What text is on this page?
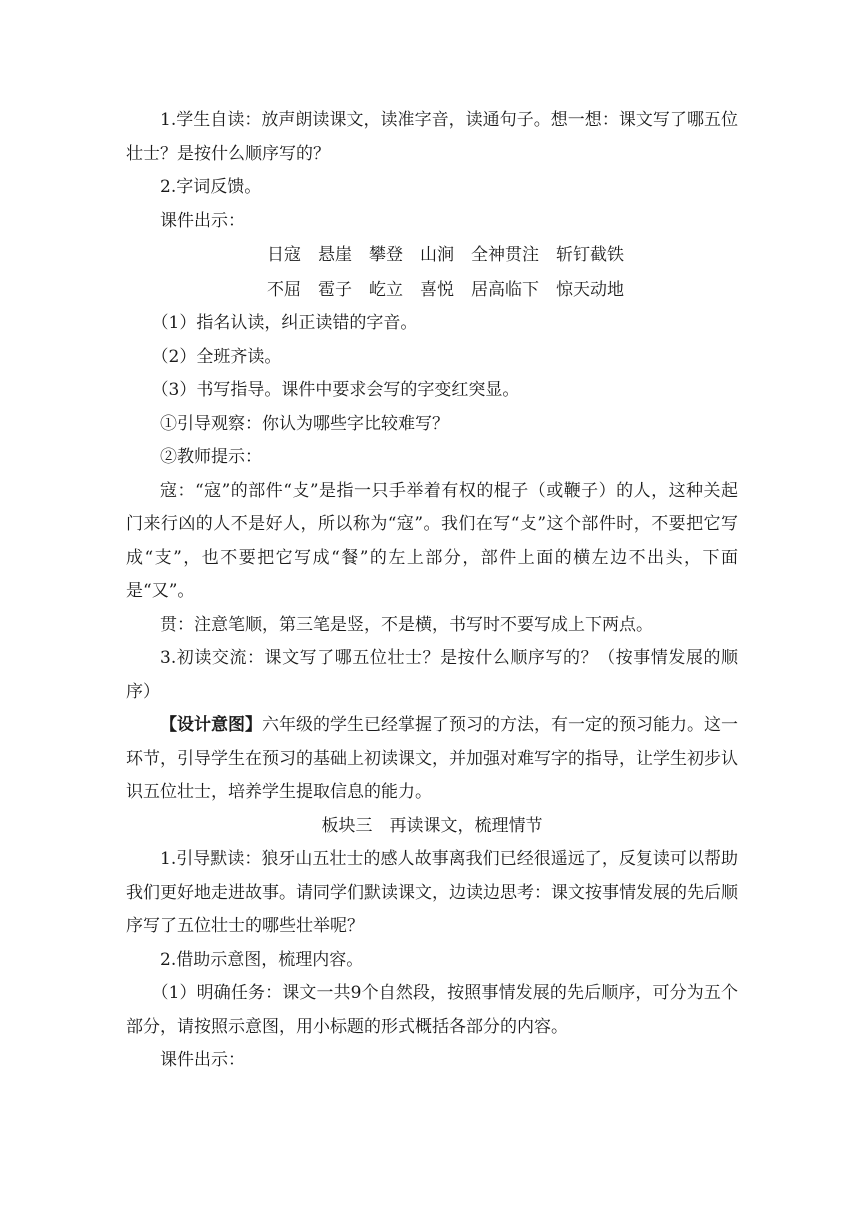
1.学生自读：放声朗读课文，读准字音，读通句子。想一想：课文写了哪五位壮士？是按什么顺序写的？

2.字词反馈。

课件出示：

日寇 悬崖 攀登 山涧 全神贯注 斩钉截铁
不屈 雹子 屹立 喜悦 居高临下 惊天动地

（1）指名认读，纠正读错的字音。

（2）全班齐读。

（3）书写指导。课件中要求会写的字变红突显。

①引导观察：你认为哪些字比较难写？

②教师提示：

寇：“寇”的部件“攴”是指一只手举着有权的棍子（或鞭子）的人，这种关起门来行凶的人不是好人，所以称为“寇”。我们在写“攴”这个部件时，不要把它写成“支”，也不要把它写成“餐”的左上部分，部件上面的横左边不出头，下面是“又”。

贯：注意笔顺，第三笔是竖，不是横，书写时不要写成上下两点。

3.初读交流：课文写了哪五位壮士？是按什么顺序写的？（按事情发展的顺序）

【设计意图】六年级的学生已经掌握了预习的方法，有一定的预习能力。这一环节，引导学生在预习的基础上初读课文，并加强对难写字的指导，让学生初步认识五位壮士，培养学生提取信息的能力。

板块三　再读课文，梳理情节

1.引导默读：狼牙山五壮士的感人故事离我们已经很遥远了，反复读可以帮助我们更好地走进故事。请同学们默读课文，边读边思考：课文按事情发展的先后顺序写了五位壮士的哪些壮举呢？

2.借助示意图，梳理内容。

（1）明确任务：课文一共9个自然段，按照事情发展的先后顺序，可分为五个部分，请按照示意图，用小标题的形式概括各部分的内容。

课件出示：
